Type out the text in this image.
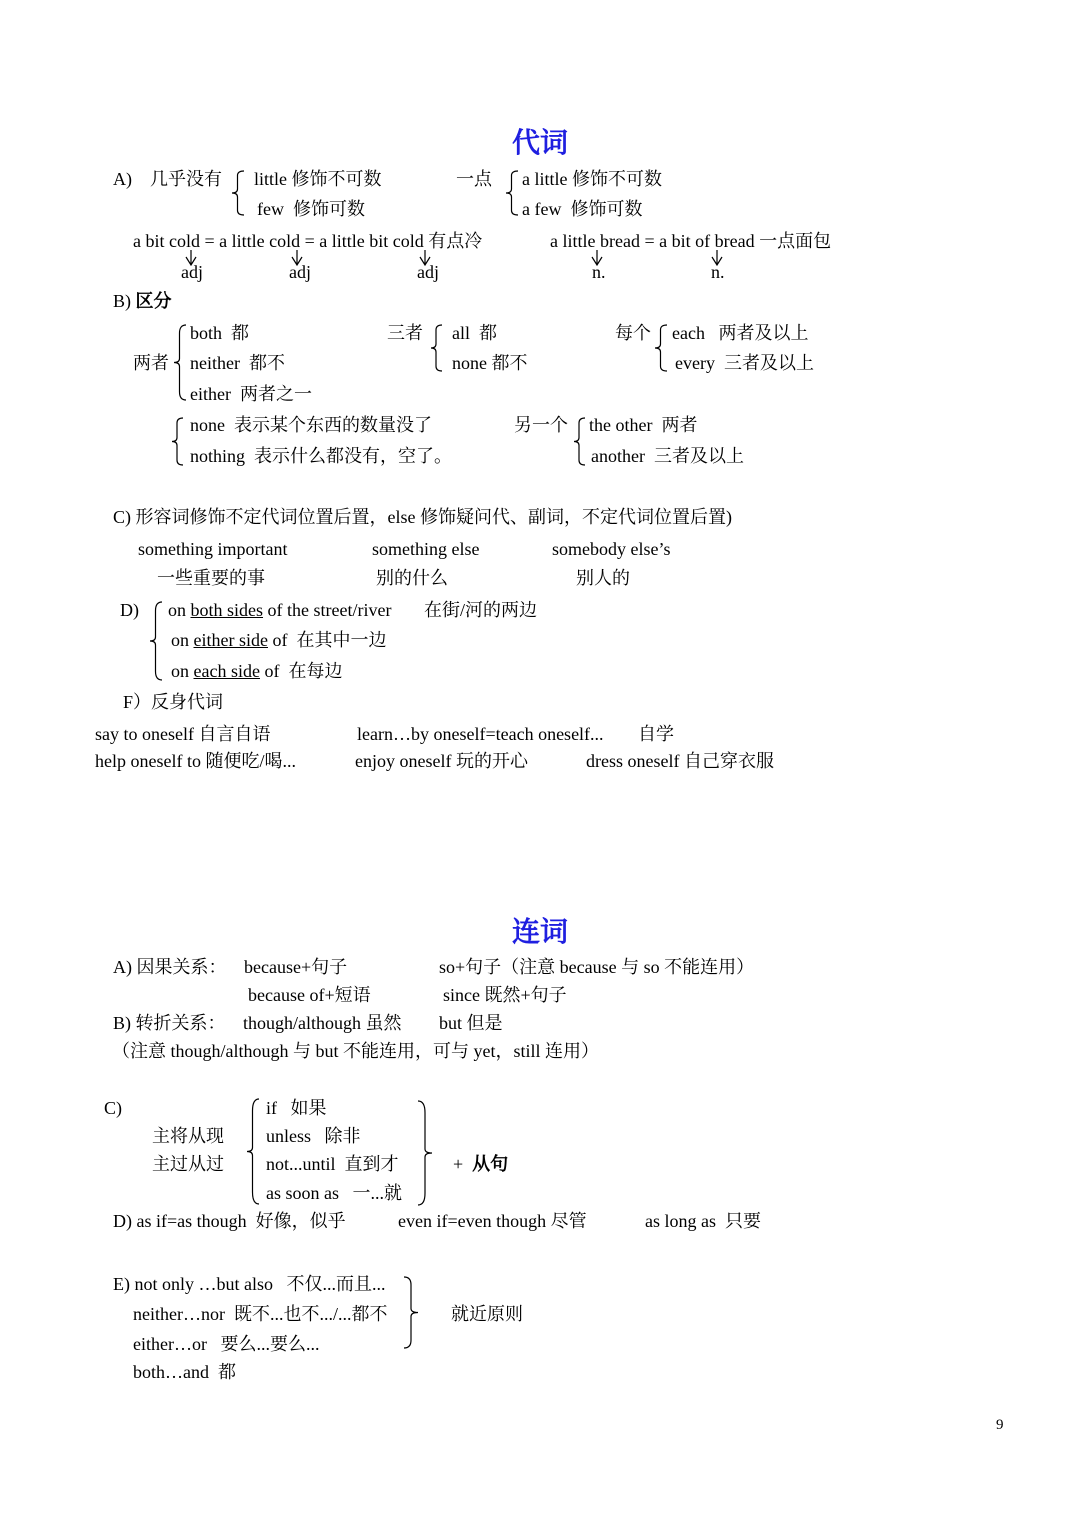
代词
A) 几乎没有 little 修饰不可数
few  修饰可数
一点 a little 修饰不可数
a few  修饰可数
a bit cold = a little cold = a little bit cold 有点冷	a little bread = a bit of bread 一点面包
adj	adj	adj	n.	n.
B) 区分
两者
both  都
neither  都不
either  两者之一
三者 all  都
none 都不
每个 each   两者及以上
every  三者及以上
none  表示某个东西的数量没了
nothing  表示什么都没有，空了。
另一个 the other  两者
another  三者及以上
C) 形容词修饰不定代词位置后置，else 修饰疑问代、副词，不定代词位置后置)
something important	something else	somebody else’s
一些重要的事	别的什么	别人的
D) on both sides of the street/river 在街/河的两边
on either side of  在其中一边
on each side of  在每边
F）反身代词
say to oneself 自言自语	learn…by oneself=teach oneself... 自学
help oneself to 随便吃/喝...	enjoy oneself 玩的开心	dress oneself 自己穿衣服
连词
A) 因果关系： because+句子	so+句子（注意 because 与 so 不能连用）
because of+短语	since 既然+句子
B) 转折关系： though/although 虽然 but 但是
（注意 though/although 与 but 不能连用，可与 yet，still 连用）
C)
主将从现
主过从过
if   如果
unless   除非
not...until  直到才
as soon as   一...就
+  从句
D) as if=as though  好像，似乎	even if=even though 尽管	as long as  只要
E) not only …but also   不仅...而且...
neither…nor  既不...也不.../...都不
either…or   要么...要么...
both…and  都
就近原则
9
